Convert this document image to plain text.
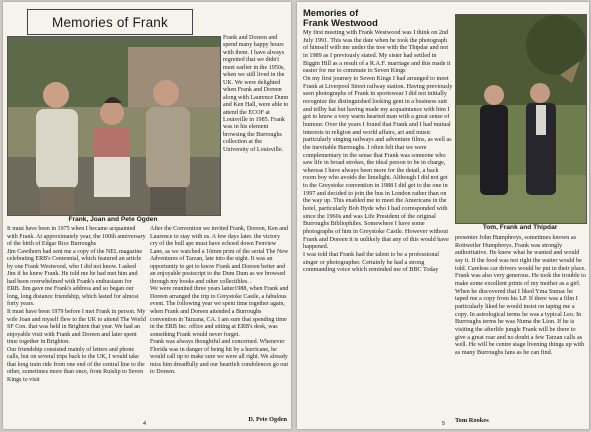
Memories of Frank
Frank and Doreen and spend many happy hours with them. I have always regretted that we didn't meet earlier in the 1950s, when we still lived in the UK. We were delighted when Frank and Doreen along with Laurence Dunn and Ken Hall, were able to attend the ECOF at Louisville in 1985. Frank was in his element browsing the Burroughs collection at the University of Louisville.
Frank, Joan and Pete Ogden

It must have been in 1975 when I became acquainted with Frank. At approximately year, the 100th anniversary of the birth of Edgar Rice Burroughs

Jim Cawthorn had sent me a copy of the NEL magazine celebrating ERB's Centennial, which featured an article by one Frank Westwood, who I did not know. I asked Jim if he knew Frank. He told me he had met him and had been overwhelmed with Frank's enthusiasm for ERB. Jim gave me Frank's address and so began our long, long distance friendship, which lasted for almost forty years.

It must have been 1979 before I met Frank in person. My wife Joan and myself flew to the UK to attend The World SF Con. that was held in Brighton that year. We had an enjoyable visit with Frank and Doreen and later spent time together in Brighton.

Our friendship consisted mainly of letters and phone calls, but on several trips back to the UK, I would take that long train ride from one end of the central line to the other, sometimes more than once, from Ruislip to Seven Kings to visit

After the Convention we invited Frank, Doreen, Ken and Laurence to stay with us. A few days later. the victory cry of the bull ape must have echoed down Fenview Lane, as we watched a 16mm print of the serial The New Adventures of Tarzan, late into the night. It was an opportunity to get to know Frank and Doreen better and an enjoyable postscript to the Dum Dum as we browsed through my books and other collectibles. .

We were reunited three years latter1988, when Frank and Doreen arranged the trip to Greystoke Castle, a fabulous event. The following year we spent time together again, when Frank and Doreen attended a Burroughs convention in Tarzana, CA. I am sure that spending time in the ERB Inc. office and sitting at ERB's desk, was something Frank would never forget.

Frank was always thoughtful and concerned. Whenever Florida was in danger of being hit by a hurricane, he would call up to make sure we were all right. We already miss him dreadfully and our heartfelt condolences go out to Doreen.

D. Pete Ogden
4
Memories of
Frank Westwood

My first meeting with Frank Westwood was I think on 2nd July 1991. This was the date when he took the photograph of himself with me under the tree with the Thipdar and not in 1989 as I previously stated. My sister had settled in Biggin Hill as a result of a R.A.F. marriage and this made it easier for me to commute to Seven Kings

On my first journey to Seven Kings I had arranged to meet Frank at Liverpool Street railway station. Having previously seen photographs of Frank in sportswear I did not initially recognize the distinguished looking gent in a business suit and trilby hat but having made my acquaintance with him I got to know a very warm hearted man with a great sense of humour. Over the years I found that Frank and I had mutual interests in religion and world affairs, art and music particularly singing railways and adventure films, as well as the inevitable Burroughs. I often felt that we were complementary in the sense that Frank was someone who saw life in broad strokes, the ideal person to be in charge, whereas I have always been more for the detail, a back room boy who avoids the limelight. Although I did not get to the Greystoke convention in 1988 I did get to the one in 1997 and decided to join the bus in London rather than on the way up. This enabled me to meet the Americans in the hotel, particularly Bob Hyde who I had corresponded with since the 1960s and was Life President of the original Burroughs Bibliophiles. Somewhere I have some photographs of him in Greystoke Castle. However without Frank and Doreen it is unlikely that any of this would have happened.

I was told that Frank had the talent to be a professional singer or photographer. Certainly he had a strong commanding voice which reminded me of BBC Today

Tom, Frank and Thipdar

presenter John Humphreys, sometimes known as Rottweiler Humphreys. Frank was strongly authoritative. He knew what he wanted and would say it. If the food was not right the waiter would be told. Careless car drivers would be put in their place. Frank was also very generous. He took the trouble to make some excellent prints of my mother as a girl. When he discovered that I liked Yma Sumac he taped me a copy from his LP. If there was a film I particularly liked he would insist on taping me a copy. In astrological terms he was a typical Leo. In Burroughs terms he was Numa the Lion. If he is visiting the afterlife jungle Frank will be there to give a great roar and no doubt a few Tarzan calls as well. He will be centre stage livening things up with as many Burroughs fans as he can find.

Tom Rookes
5
